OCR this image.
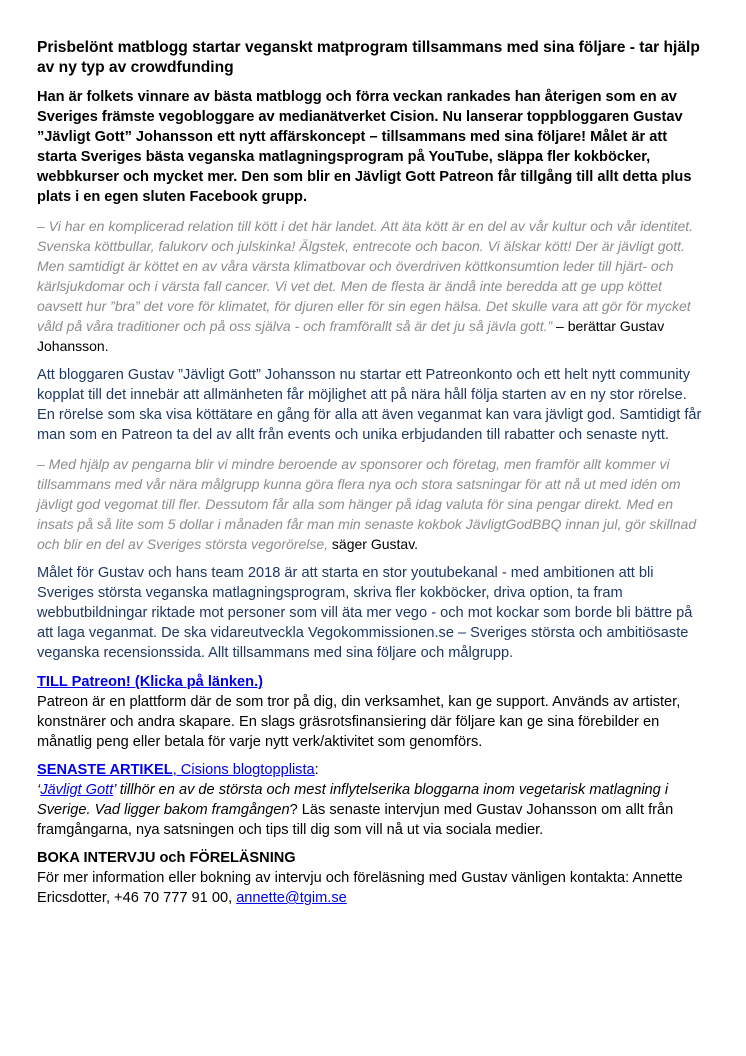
Prisbelönt matblogg startar veganskt matprogram tillsammans med sina följare - tar hjälp av ny typ av crowdfunding

Han är folkets vinnare av bästa matblogg och förra veckan rankades han återigen som en av Sveriges främste vegobloggare av medianätverket Cision. Nu lanserar toppbloggaren Gustav ”Jävligt Gott” Johansson ett nytt affärskoncept – tillsammans med sina följare! Målet är att starta Sveriges bästa veganska matlagningsprogram på YouTube, släppa fler kokböcker, webbkurser och mycket mer. Den som blir en Jävligt Gott Patreon får tillgång till allt detta plus plats i en egen sluten Facebook grupp.

– Vi har en komplicerad relation till kött i det här landet. Att äta kött är en del av vår kultur och vår identitet. Svenska köttbullar, falukorv och julskinka! Älgstek, entrecote och bacon. Vi älskar kött! Der är jävligt gott. Men samtidigt är köttet en av våra värsta klimatbovar och överdriven köttkonsumtion leder till hjärt- och kärlsjukdomar och i värsta fall cancer. Vi vet det. Men de flesta är ändå inte beredda att ge upp köttet oavsett hur ”bra” det vore för klimatet, för djuren eller för sin egen hälsa. Det skulle vara att gör för mycket våld på våra traditioner och på oss själva - och framförallt så är det ju så jävla gott.” – berättar Gustav Johansson.

Att bloggaren Gustav ”Jävligt Gott” Johansson nu startar ett Patreonkonto och ett helt nytt community kopplat till det innebär att allmänheten får möjlighet att på nära håll följa starten av en ny stor rörelse. En rörelse som ska visa köttätare en gång för alla att även veganmat kan vara jävligt god. Samtidigt får man som en Patreon ta del av allt från events och unika erbjudanden till rabatter och senaste nytt.

– Med hjälp av pengarna blir vi mindre beroende av sponsorer och företag, men framför allt kommer vi tillsammans med vår nära målgrupp kunna göra flera nya och stora satsningar för att nå ut med idén om jävligt god vegomat till fler. Dessutom får alla som hänger på idag valuta för sina pengar direkt. Med en insats på så lite som 5 dollar i månaden får man min senaste kokbok JävligtGodBBQ innan jul, gör skillnad och blir en del av Sveriges största vegorörelse, säger Gustav.

Målet för Gustav och hans team 2018 är att starta en stor youtubekanal - med ambitionen att bli Sveriges största veganska matlagningsprogram, skriva fler kokböcker, driva option, ta fram webbutbildningar riktade mot personer som vill äta mer vego - och mot kockar som borde bli bättre på att laga veganmat. De ska vidareutveckla Vegokommissionen.se – Sveriges största och ambitiösaste veganska recensionssida. Allt tillsammans med sina följare och målgrupp.

TILL Patreon! (Klicka på länken.)
Patreon är en plattform där de som tror på dig, din verksamhet, kan ge support. Används av artister, konstnärer och andra skapare. En slags gräsrotsfinansiering där följare kan ge sina förebilder en månatlig peng eller betala för varje nytt verk/aktivitet som genomförs.
SENASTE ARTIKEL, Cisions blogtopplista:
‘Jävligt Gott’ tillhör en av de största och mest inflytelserika bloggarna inom vegetarisk matlagning i Sverige. Vad ligger bakom framgången? Läs senaste intervjun med Gustav Johansson om allt från framgångarna, nya satsningen och tips till dig som vill nå ut via sociala medier.
BOKA INTERVJU och FÖRELÄSNING
För mer information eller bokning av intervju och föreläsning med Gustav vänligen kontakta: Annette Ericsdotter, +46 70 777 91 00, annette@tgim.se
